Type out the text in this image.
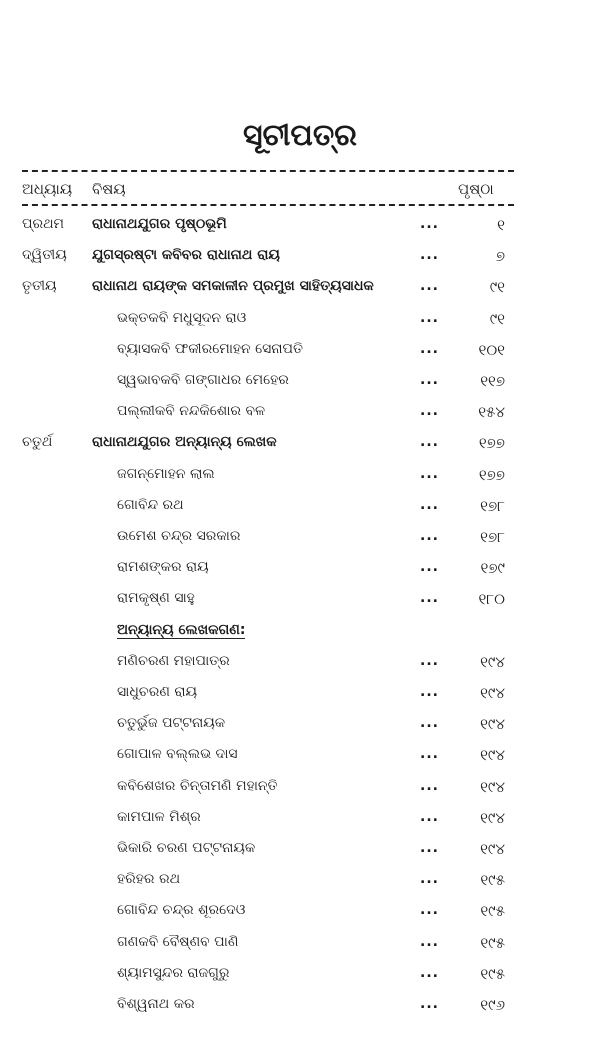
ସୂଚୀପତ୍ର
ଅଧ୍ୟାୟ ବିଷୟ	ପୃଷ୍ଠା
ପ୍ରଥମ ରାଧାନାଥଯୁଗର ପୃଷ୍ଠଭୂମି	...	୧
ଦ୍ୱିତୀୟ ଯୁଗସ୍ରଷ୍ଟା କବିବର ରାଧାନାଥ ରାୟ	...	୭
ତୃତୀୟ	ରାଧାନାଥ ରାୟଙ୍କ ସମକାଳୀନ ପ୍ରମୁଖ ସାହିତ୍ୟସାଧକ	...	୯୧
ଭକ୍ତକବି ମଧୁସୂଦନ ରାଓ	...	୯୧
ବ୍ୟାସକବି ଫକୀରମୋହନ ସେନାପତି	...	୧୦୧
ସ୍ୱଭାବକବି ଗଙ୍ଗାଧର ମେହେର	...	୧୧୭
ପଲ୍ଲୀକବି ନନ୍ଦକିଶୋର ବଳ	...	୧୫୪
ଚତୁର୍ଥ	ରାଧାନାଥଯୁଗର ଅନ୍ୟାନ୍ୟ ଲେଖକ	...	୧୭୭
ଜଗନ୍ମୋହନ ଲାଲ	...	୧୭୭
ଗୋବିନ୍ଦ ରଥ	...	୧୭୮
ଉମେଶ ଚନ୍ଦ୍ର ସରକାର	...	୧୭୮
ରାମଶଙ୍କର ରାୟ	...	୧୭୯
ରାମକୃଷ୍ଣ ସାହୁ	...	୧୮୦
ଅନ୍ୟାନ୍ୟ ଲେଖକଗଣ:
ମଣିଚରଣ ମହାପାତ୍ର	...	୧୯୪
ସାଧୁଚରଣ ରାୟ	...	୧୯୪
ଚତୁର୍ଭୁଜ ପଟ୍ଟନାୟକ	...	୧୯୪
ଗୋପାଳ ବଲ୍ଲଭ ଦାସ	...	୧୯୪
କବିଶେଖର ଚିନ୍ତାମଣି ମହାନ୍ତି	...	୧୯୪
କାମପାଳ ମିଶ୍ର	...	୧୯୪
ଭିକାରି ଚରଣ ପଟ୍ଟନାୟକ	...	୧୯୪
ହରିହର ରଥ	...	୧୯୫
ଗୋବିନ୍ଦ ଚନ୍ଦ୍ର ଶୂରଦେଓ	...	୧୯୫
ଗଣକବି ବୈଷ୍ଣବ ପାଣି	...	୧୯୫
ଶ୍ୟାମସୁନ୍ଦର ରାଜଗୁରୁ	...	୧୯୫
ବିଶ୍ୱନାଥ କର	...	୧୯୬
